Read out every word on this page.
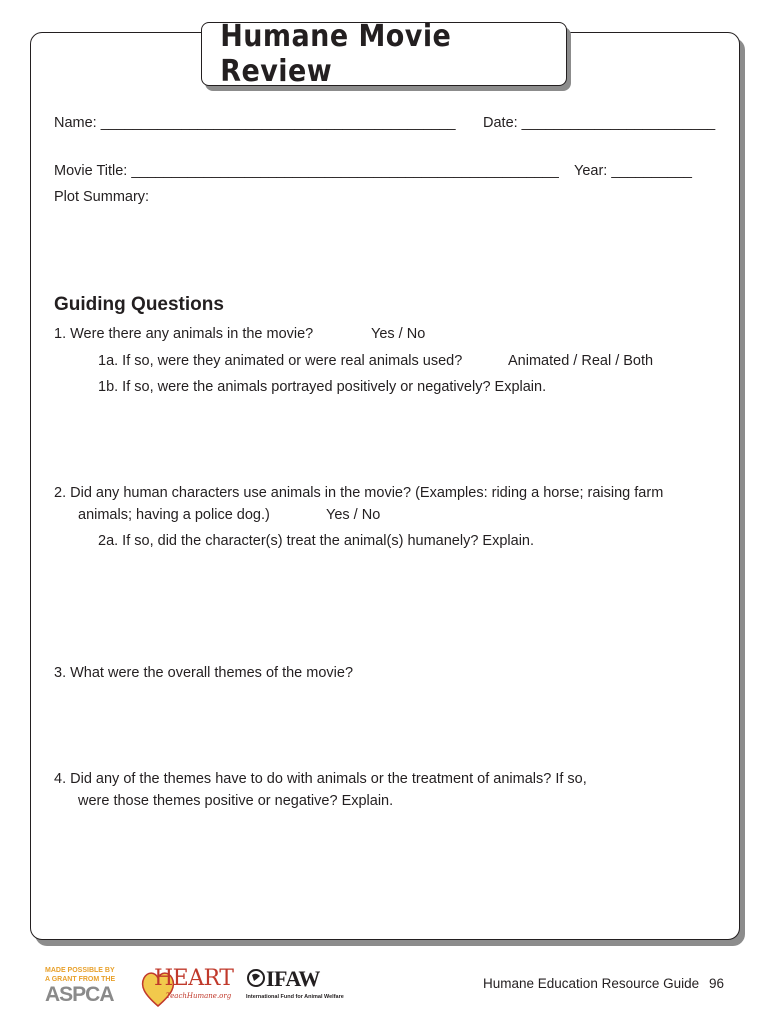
Humane Movie Review
Name: ____________________________________________ Date: ________________________
Movie Title: _____________________________________________________ Year: __________
Plot Summary:
Guiding Questions
1. Were there any animals in the movie?	Yes / No
1a. If so, were they animated or were real animals used?	Animated / Real / Both
1b. If so, were the animals portrayed positively or negatively? Explain.
2. Did any human characters use animals in the movie? (Examples: riding a horse; raising farm
animals; having a police dog.)	Yes / No
2a. If so, did the character(s) treat the animal(s) humanely? Explain.
3. What were the overall themes of the movie?
4. Did any of the themes have to do with animals or the treatment of animals? If so,
were those themes positive or negative? Explain.
MADE POSSIBLE BY
A GRANT FROM THE
ASPCA
HEART
TeachHumane.org
IFAW
International Fund for Animal Welfare
Humane Education Resource Guide 96
